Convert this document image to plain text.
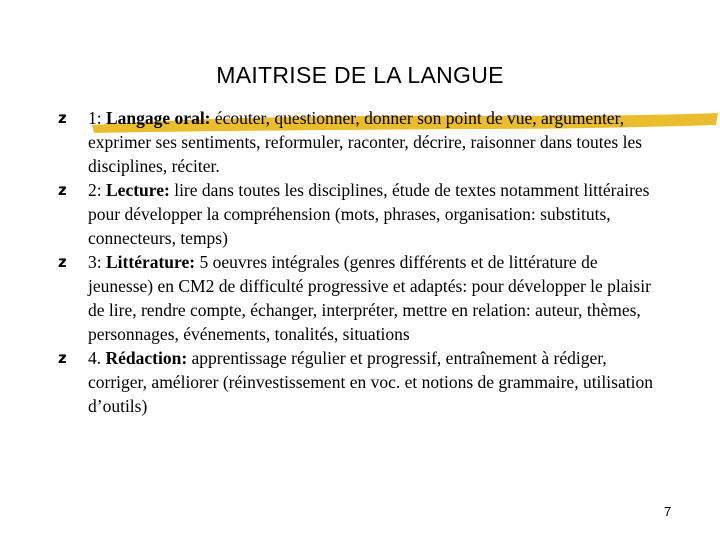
MAITRISE DE LA LANGUE
z 1: Langage oral: écouter, questionner, donner son point de vue, argumenter, exprimer ses sentiments, reformuler, raconter, décrire, raisonner dans toutes les disciplines, réciter.
z 2: Lecture: lire dans toutes les disciplines, étude de textes notamment littéraires pour développer la compréhension (mots, phrases, organisation: substituts, connecteurs, temps)
z 3: Littérature: 5 oeuvres intégrales (genres différents et de littérature de jeunesse) en CM2 de difficulté progressive et adaptés: pour développer le plaisir de lire, rendre compte, échanger, interpréter, mettre en relation: auteur, thèmes, personnages, événements, tonalités, situations
z 4. Rédaction: apprentissage régulier et progressif, entraînement à rédiger, corriger, améliorer (réinvestissement en voc. et notions de grammaire, utilisation d’outils)
7
